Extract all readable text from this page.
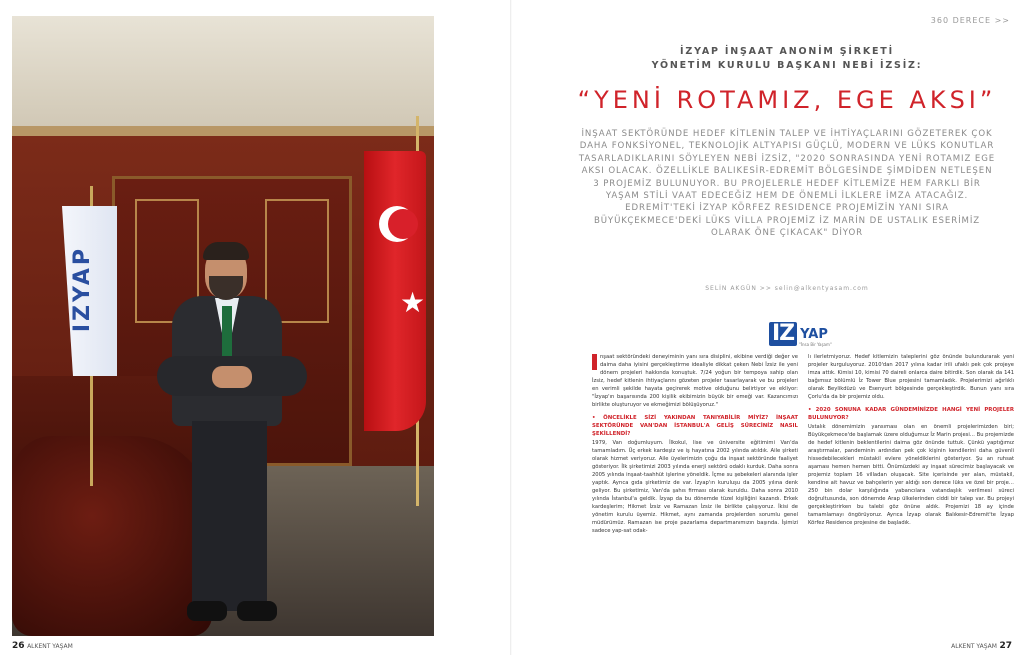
IZYAP	★
26 ALKENT YAŞAM
360 DERECE >>
İZYAP İNŞAAT ANONİM ŞİRKETİ
YÖNETİM KURULU BAŞKANI NEBİ İZSİZ:
“YENİ ROTAMIZ, EGE AKSI”
İNŞAAT SEKTÖRÜNDE HEDEF KİTLENİN TALEP VE İHTİYAÇLARINI GÖZETEREK ÇOK DAHA FONKSİYONEL, TEKNOLOJİK ALTYAPISI GÜÇLÜ, MODERN VE LÜKS KONUTLAR TASARLADIKLARINI SÖYLEYEN NEBİ İZSİZ, "2020 SONRASINDA YENİ ROTAMIZ EGE AKSI OLACAK. ÖZELLİKLE BALIKESİR-EDREMİT BÖLGESİNDE ŞİMDİDEN NETLEŞEN 3 PROJEMİZ BULUNUYOR. BU PROJELERLE HEDEF KİTLEMİZE HEM FARKLI BİR YAŞAM STİLİ VAAT EDECEĞİZ HEM DE ÖNEMLİ İLKLERE İMZA ATACAĞIZ. EDREMİT'TEKİ İZYAP KÖRFEZ RESIDENCE PROJEMİZİN YANI SIRA BÜYÜKÇEKMECE'DEKİ LÜKS VİLLA PROJEMİZ İZ MARİN DE USTALIK ESERİMİZ OLARAK ÖNE ÇIKACAK" DİYOR
SELİN AKGÜN >> selin@alkentyasam.com
İZ YAP
"İnsa Bir Yaşam"

nşaat sektöründeki deneyiminin yanı sıra disiplini, ekibine verdiği değer ve daima daha iyisini gerçekleştirme idealiyle dikkat çeken Nebi İzsiz ile yeni dönem projeleri hakkında konuştuk. 7/24 yoğun bir tempoya sahip olan İzsiz, hedef kitlenin ihtiyaçlarını gözeten projeler tasarlayarak ve bu projeleri en verimli şekilde hayata geçirerek motive olduğunu belirtiyor ve ekliyor: "İzyap'ın başarısında 200 kişilik ekibimizin büyük bir emeği var. Kazancımızı birlikte oluşturuyor ve ekmeğimizi bölüşüyoruz."

• ÖNCELİKLE SİZİ YAKINDAN TANIYABİLİR MİYİZ? İNŞAAT SEKTÖRÜNDE VAN'DAN İSTANBUL'A GELİŞ SÜRECİNİZ NASIL ŞEKİLLENDİ?

1979, Van doğumluyum. İlkokul, lise ve üniversite eğitimimi Van'da tamamladım. Üç erkek kardeşiz ve iş hayatına 2002 yılında atıldık. Aile şirketi olarak hizmet veriyoruz. Aile üyelerimizin çoğu da inşaat sektöründe faaliyet gösteriyor. İlk şirketimizi 2003 yılında enerji sektörü odaklı kurduk. Daha sonra 2005 yılında inşaat-taahhüt işlerine yöneldik. İçme su şebekeleri alanında işler yaptık. Ayrıca gıda şirketimiz de var. İzyap'ın kuruluşu da 2005 yılına denk geliyor. Bu şirketimiz, Van'da şahıs firması olarak kuruldu. Daha sonra 2010 yılında İstanbul'a geldik. İzyap da bu dönemde tüzel kişiliğini kazandı. Erkek kardeşlerim; Hikmet İzsiz ve Ramazan İzsiz ile birlikte çalışıyoruz. İkisi de yönetim kurulu üyemiz. Hikmet, aynı zamanda projelerden sorumlu genel müdürümüz. Ramazan ise proje pazarlama departmanımızın başında. İşimizi sadece yap-sat odak-

lı ilerletmiyoruz. Hedef kitlemizin taleplerini göz önünde bulundurarak yeni projeler kurguluyoruz. 2010'dan 2017 yılına kadar irili ufaklı pek çok projeye imza attık. Kimisi 10, kimisi 70 daireli onlarca daire bitirdik. Son olarak da 141 bağımsız bölümlü İz Tower Blue projesini tamamladık. Projelerimizi ağırlıklı olarak Beylikdüzü ve Esenyurt bölgesinde gerçekleştirdik. Bunun yanı sıra Çorlu'da da bir projemiz oldu.

• 2020 SONUNA KADAR GÜNDEMİNİZDE HANGİ YENİ PROJELER BULUNUYOR?

Ustalık dönemimizin yansıması olan en önemli projelerimizden biri; Büyükçekmece'de başlamak üzere olduğumuz İz Marin projesi… Bu projemizde de hedef kitlenin beklentilerini daima göz önünde tuttuk. Çünkü yaptığımız araştırmalar, pandeminin ardından pek çok kişinin kendilerini daha güvenli hissedebilecekleri müstakil evlere yöneldiklerini gösteriyor. Şu an ruhsat aşaması hemen hemen bitti. Önümüzdeki ay inşaat sürecimiz başlayacak ve projemiz toplam 16 villadan oluşacak. Site içerisinde yer alan, müstakil, kendine ait havuz ve bahçelerin yer aldığı son derece lüks ve özel bir proje… 250 bin dolar karşılığında yabancılara vatandaşlık verilmesi süreci doğrultusunda, son dönemde Arap ülkelerinden ciddi bir talep var. Bu projeyi gerçekleştirirken bu talebi göz önüne aldık. Projemizi 18 ay içinde tamamlamayı öngörüyoruz. Ayrıca İzyap olarak Balıkesir-Edremit'te İzyap Körfez Residence projesine de başladık.

ALKENT YAŞAM 27
